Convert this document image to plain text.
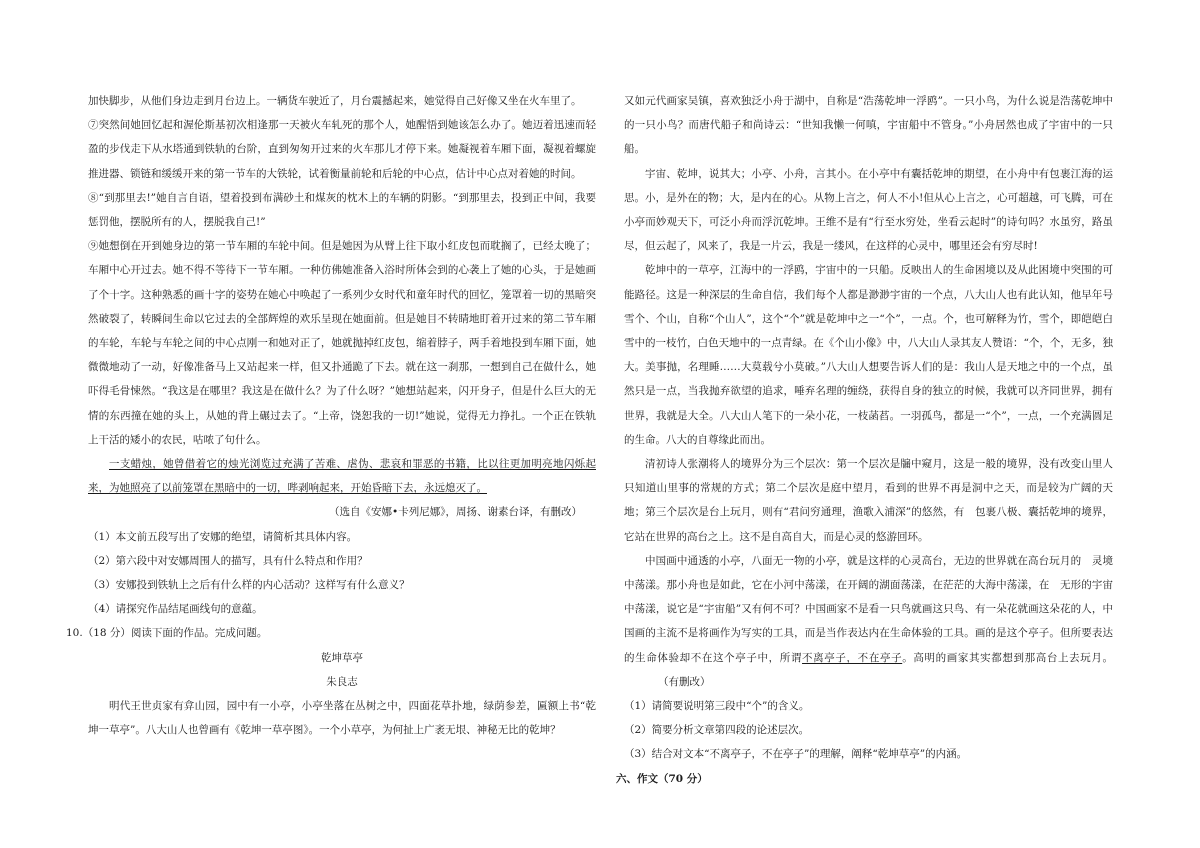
加快脚步，从他们身边走到月台边上。一辆货车驶近了，月台震撼起来，她觉得自己好像又坐在火车里了。

⑦突然间她回忆起和渥伦斯基初次相逢那一天被火车轧死的那个人，她醒悟到她该怎么办了。她迈着迅速而轻盈的步伐走下从水塔通到铁轨的台阶，直到匆匆开过来的火车那儿才停下来。她凝视着车厢下面，凝视着螺旋推进器、锁链和缓缓开来的第一节车的大铁轮，试着衡量前轮和后轮的中心点，估计中心点对着她的时间。

⑧“到那里去!”她自言自语，望着投到布满砂土和煤灰的枕木上的车辆的阴影。“到那里去，投到正中间，我要惩罚他，摆脱所有的人，摆脱我自己!”

⑨她想倒在开到她身边的第一节车厢的车轮中间。但是她因为从臂上往下取小红皮包而耽搁了，已经太晚了；车厢中心开过去。她不得不等待下一节车厢。一种仿佛她准备入浴时所体会到的心袭上了她的心头，于是她画了个十字。这种熟悉的画十字的姿势在她心中唤起了一系列少女时代和童年时代的回忆，笼罩着一切的黑暗突然破裂了，转瞬间生命以它过去的全部辉煌的欢乐呈现在她面前。但是她目不转睛地盯着开过来的第二节车厢的车轮，车轮与车轮之间的中心点刚一和她对正了，她就抛掉红皮包，缩着脖子，两手着地投到车厢下面，她微微地动了一动，好像准备马上又站起来一样，但又扑通跪了下去。就在这一刹那，一想到自己在做什么，她吓得毛骨悚然。“我这是在哪里？我这是在做什么？为了什么呀？”她想站起来，闪开身子，但是什么巨大的无情的东西撞在她的头上，从她的背上碾过去了。“上帝，饶恕我的一切!”她说，觉得无力挣扎。一个正在铁轨上干活的矮小的农民，咕哝了句什么。

一支蜡烛，她曾借着它的烛光浏览过充满了苦难、虐伪、悲哀和罪恶的书籍，比以往更加明亮地闪烁起来，为她照亮了以前笼罩在黑暗中的一切，哔剥响起来，开始昏暗下去，永远熄灭了。

（选自《安娜•卡列尼娜》，周扬、谢素台译，有删改）

（1）本文前五段写出了安娜的绝望，请简析其具体内容。

（2）第六段中对安娜周围人的描写，具有什么特点和作用？

（3）安娜投到铁轨上之后有什么样的内心活动？这样写有什么意义？

（4）请探究作品结尾画线句的意蕴。

10.（18 分）阅读下面的作品。完成问题。

乾坤草亭

朱良志

明代王世贞家有弇山园，园中有一小亭，小亭坐落在丛树之中，四面花草扑地，绿荫参差，匾额上书“乾坤一草亭”。八大山人也曾画有《乾坤一草亭图》。一个小草亭，为何扯上广袤无垠、神秘无比的乾坤？

又如元代画家吴镇，喜欢独泛小舟于湖中，自称是“浩荡乾坤一浮鸥”。一只小鸟，为什么说是浩荡乾坤中的一只小鸟？而唐代船子和尚诗云：“世知我懒一何嗔，宇宙船中不管身。”小舟居然也成了宇宙中的一只船。

宇宙、乾坤，说其大；小亭、小舟，言其小。在小亭中有囊括乾坤的期望，在小舟中有包裹江海的运思。小，是外在的物；大，是内在的心。从物上言之，何人不小!但从心上言之，心可超越，可飞腾，可在小亭而妙观天下，可泛小舟而浮沉乾坤。王维不是有“行至水穷处，坐看云起时”的诗句吗？水虽穷，路虽尽，但云起了，风来了，我是一片云，我是一缕风，在这样的心灵中，哪里还会有穷尽时!

乾坤中的一草亭，江海中的一浮鸥，宇宙中的一只船。反映出人的生命困境以及从此困境中突围的可能路径。这是一种深层的生命自信，我们每个人都是渺渺宇宙的一个点，八大山人也有此认知，他早年号雪个、个山，自称“个山人”，这个“个”就是乾坤中之一“个”，一点。个，也可解释为竹，雪个，即皑皑白雪中的一枝竹，白色天地中的一点青绿。在《个山小像》中，八大山人录其友人赞语：“个，个，无多，独大。美事抛，名理睡……大莫载兮小莫破。”八大山人想要告诉人们的是：我山人是天地之中的一个点，虽然只是一点，当我抛弃欲望的追求，唾弃名理的缠绕，获得自身的独立的时候，我就可以齐同世界，拥有世界，我就是大全。八大山人笔下的一朵小花，一枝菡萏。一羽孤鸟，都是一“个”，一点，一个充满圆足的生命。八大的自尊缘此而出。

清初诗人张潮将人的境界分为三个层次：第一个层次是牖中窥月，这是一般的境界，没有改变山里人只知道山里事的常规的方式；第二个层次是庭中望月，看到的世界不再是洞中之天，而是较为广阔的天地；第三个层次是台上玩月，则有“君问穷通理，渔歌入浦深”的悠然，有　包裹八极、囊括乾坤的境界，它站在世界的高台之上。这不是自高自大，而是心灵的悠游回环。

中国画中通透的小亭，八面无一物的小亭，就是这样的心灵高台，无边的世界就在高台玩月的　灵境中荡漾。那小舟也是如此，它在小河中荡漾，在开阔的湖面荡漾，在茫茫的大海中荡漾，在　无形的宇宙中荡漾，说它是“宇宙船”又有何不可？中国画家不是看一只鸟就画这只鸟、有一朵花就画这朵花的人，中国画的主流不是将画作为写实的工具，而是当作表达内在生命体验的工具。画的是这个亭子。但所要表达的生命体验却不在这个亭子中，所谓不离亭子，不在亭子。高明的画家其实都想到那高台上去玩月。（有删改）

（1）请简要说明第三段中“个”的含义。

（2）简要分析文章第四段的论述层次。

（3）结合对文本“不离亭子，不在亭子”的理解，阐释“乾坤草亭”的内涵。

六、作文（70 分）
